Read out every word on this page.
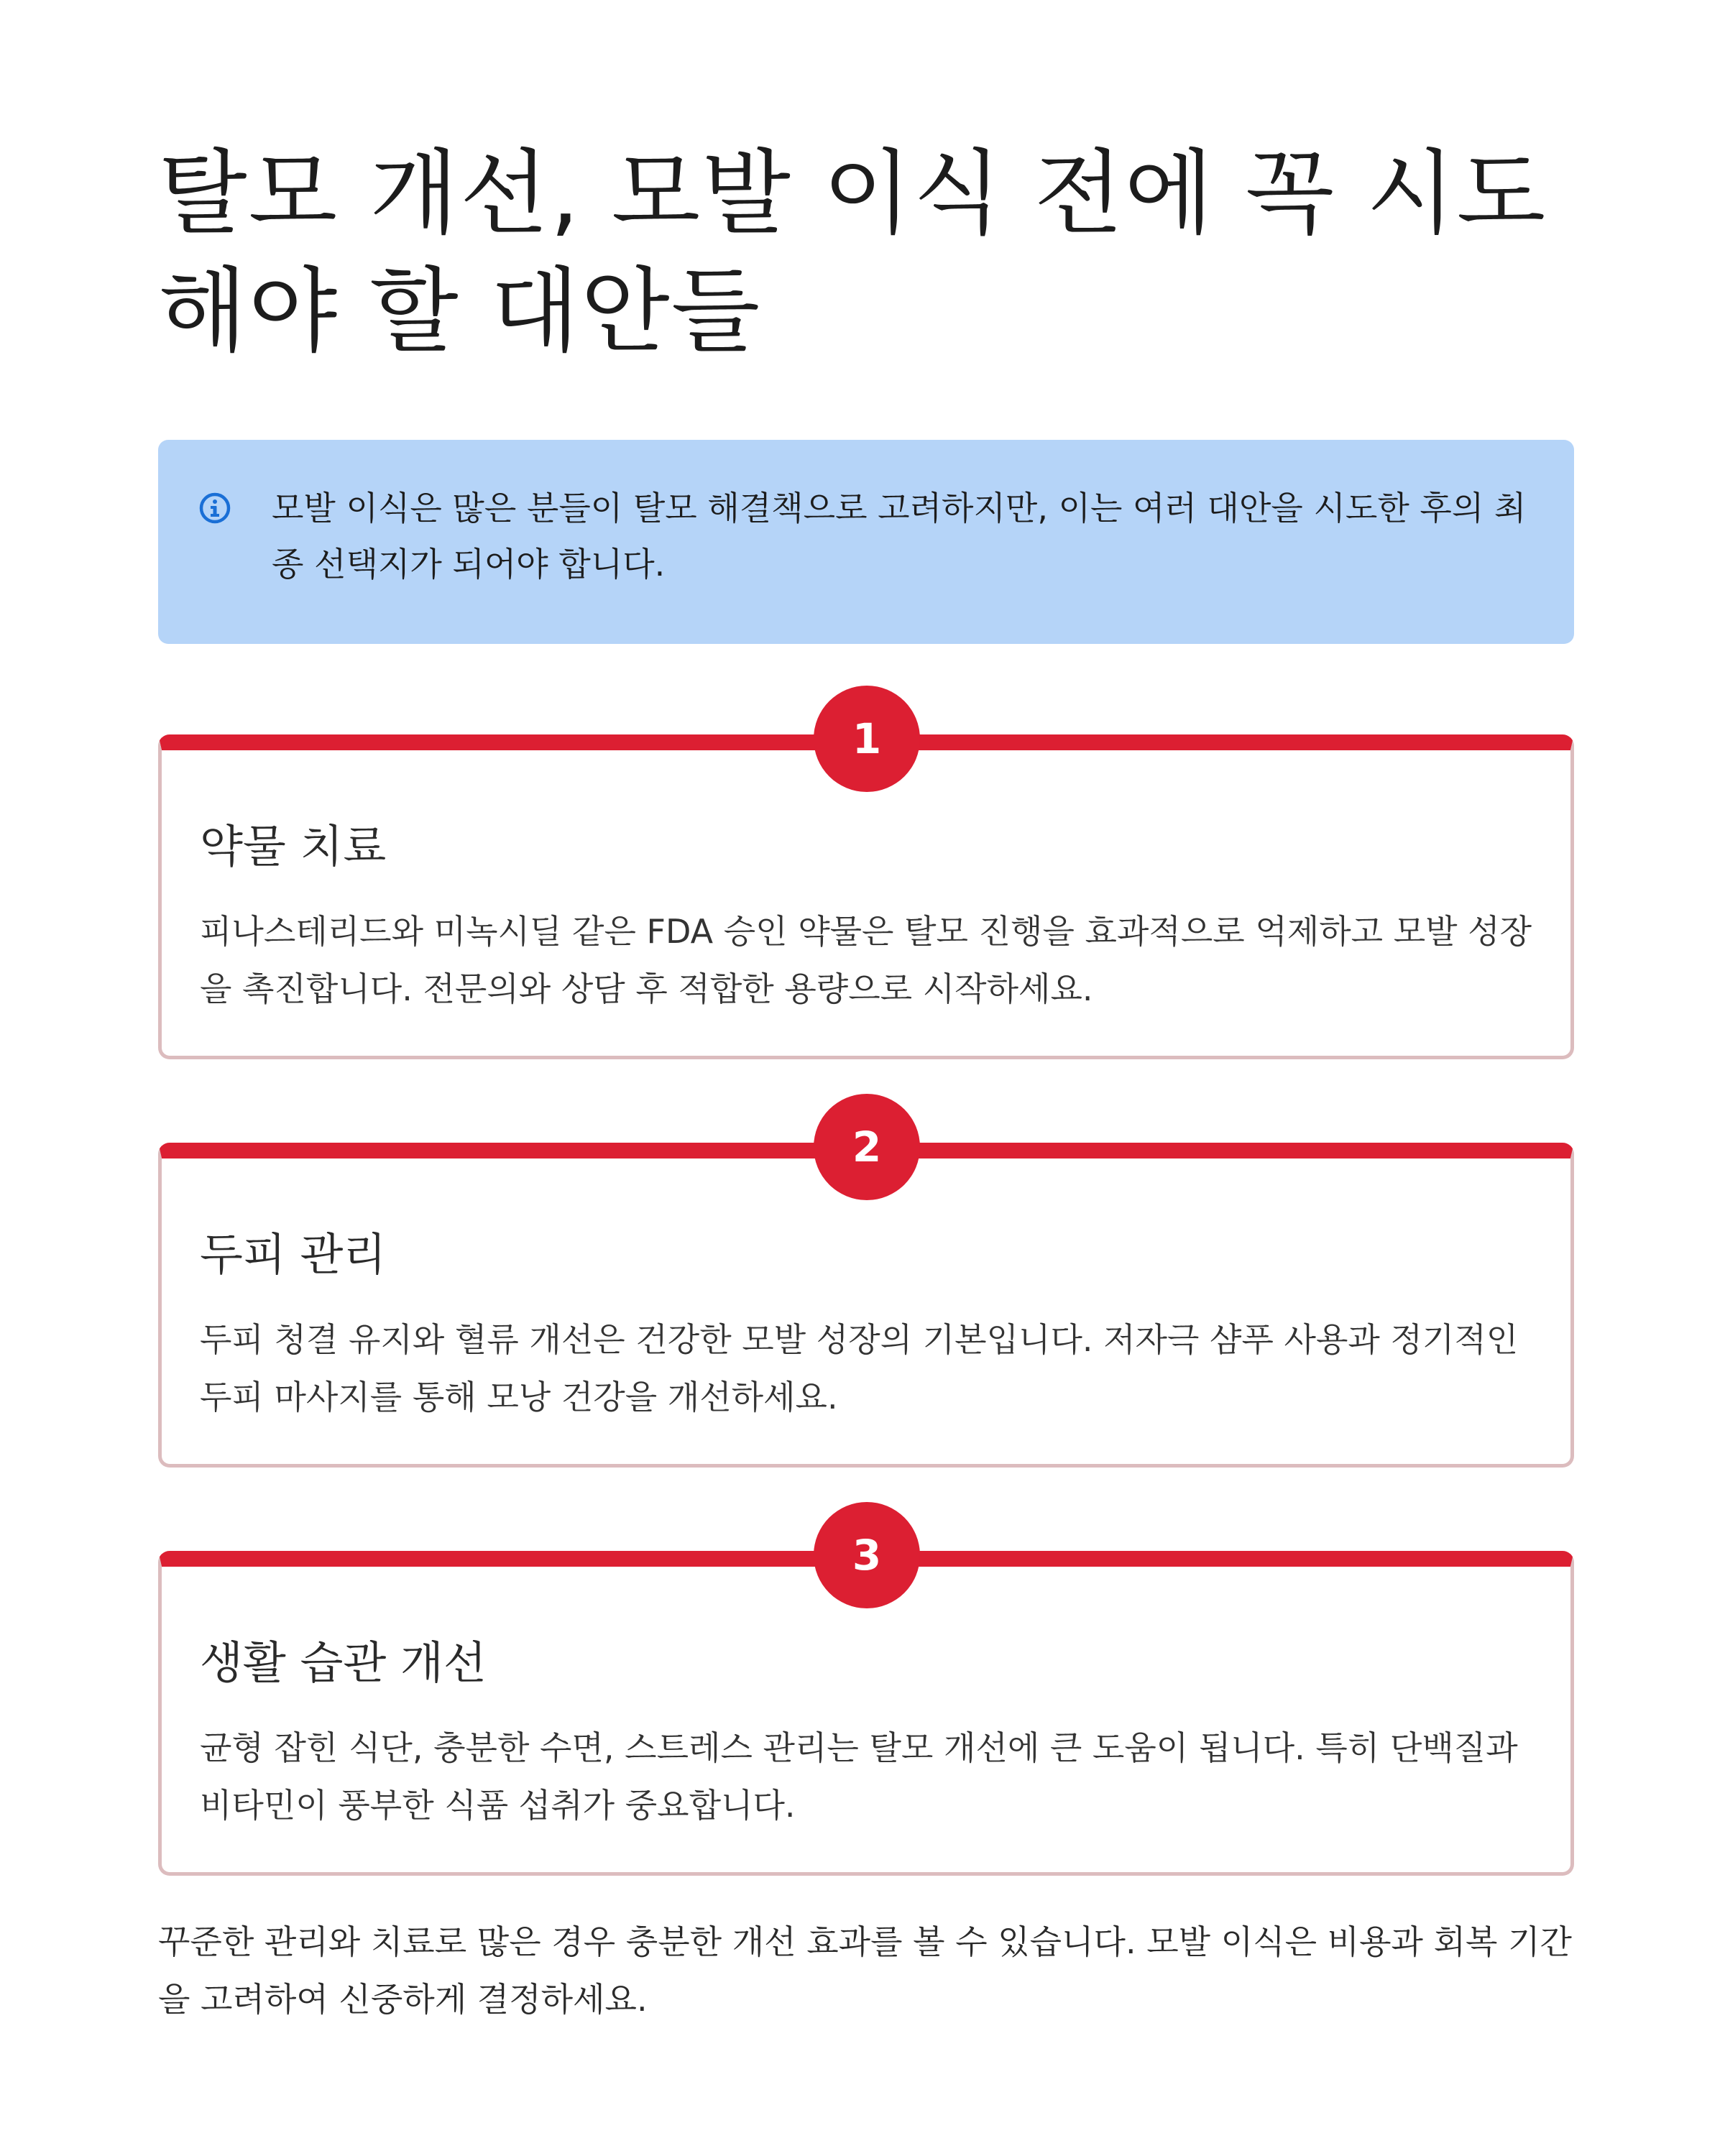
탈모 개선, 모발 이식 전에 꼭 시도해야 할 대안들
모발 이식은 많은 분들이 탈모 해결책으로 고려하지만, 이는 여러 대안을 시도한 후의 최종 선택지가 되어야 합니다.
1
약물 치료
피나스테리드와 미녹시딜 같은 FDA 승인 약물은 탈모 진행을 효과적으로 억제하고 모발 성장을 촉진합니다. 전문의와 상담 후 적합한 용량으로 시작하세요.
2
두피 관리
두피 청결 유지와 혈류 개선은 건강한 모발 성장의 기본입니다. 저자극 샴푸 사용과 정기적인 두피 마사지를 통해 모낭 건강을 개선하세요.
3
생활 습관 개선
균형 잡힌 식단, 충분한 수면, 스트레스 관리는 탈모 개선에 큰 도움이 됩니다. 특히 단백질과 비타민이 풍부한 식품 섭취가 중요합니다.

꾸준한 관리와 치료로 많은 경우 충분한 개선 효과를 볼 수 있습니다. 모발 이식은 비용과 회복 기간을 고려하여 신중하게 결정하세요.
